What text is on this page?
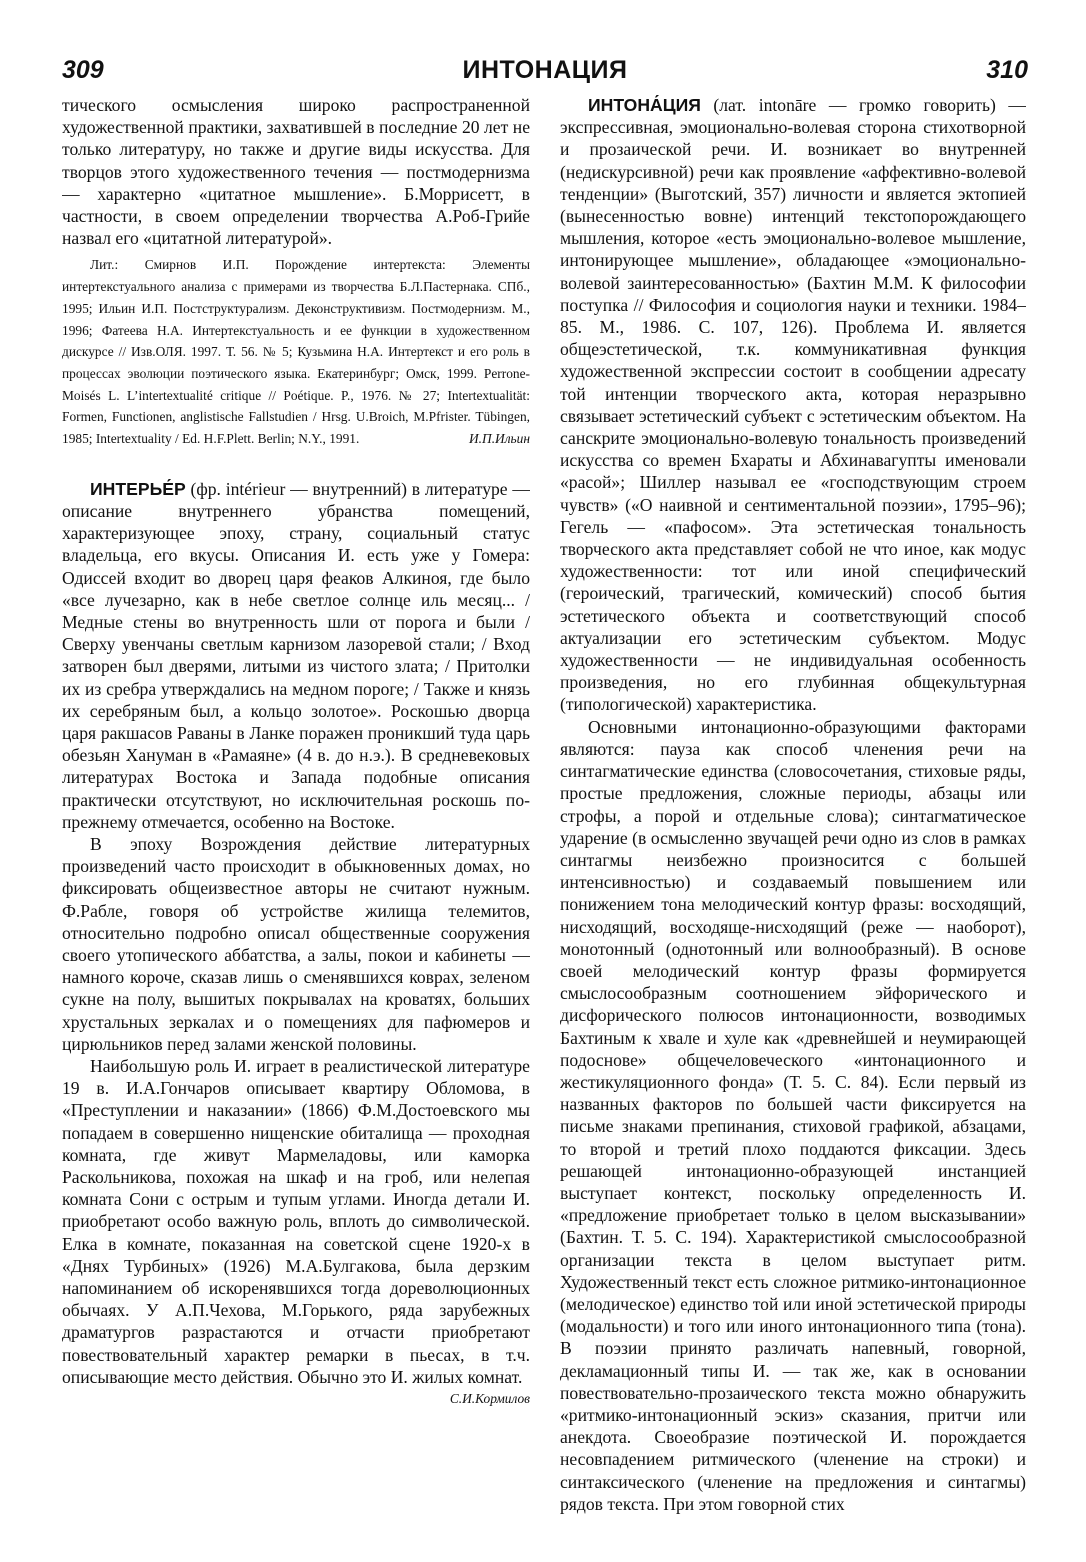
309	ИНТОНАЦИЯ	310

тического осмысления широко распространенной художественной практики, захватившей в последние 20 лет не только литературу, но также и другие виды искусства. Для творцов этого художественного течения — постмодернизма — характерно «цитатное мышление». Б.Моррисетт, в частности, в своем определении творчества А.Роб-Грийе назвал его «цитатной литературой».

Лит.: Смирнов И.П. Порождение интертекста: Элементы интертекстуального анализа с примерами из творчества Б.Л.Пастернака. СПб., 1995; Ильин И.П. Постструктурализм. Деконструктивизм. Постмодернизм. М., 1996; Фатеева Н.А. Интертекстуальность и ее функции в художественном дискурсе // Изв.ОЛЯ. 1997. Т. 56. № 5; Кузьмина Н.А. Интертекст и его роль в процессах эволюции поэтического языка. Екатеринбург; Омск, 1999. Perrone-Moisés L. L’intertextualité critique // Poétique. P., 1976. № 27; Intertextualität: Formen, Functionen, anglistische Fallstudien / Hrsg. U.Broich, M.Pfrister. Tübingen, 1985; Intertextuality / Ed. H.F.Plett. Berlin; N.Y., 1991.	И.П.Ильин

ИНТЕРЬЕ́Р (фр. intérieur — внутренний) в литературе — описание внутреннего убранства помещений, характеризующее эпоху, страну, социальный статус владельца, его вкусы. Описания И. есть уже у Гомера: Одиссей входит во дворец царя феаков Алкиноя, где было «все лучезарно, как в небе светлое солнце иль месяц... / Медные стены во внутренность шли от порога и были / Сверху увенчаны светлым карнизом лазоревой стали; / Вход затворен был дверями, литыми из чистого злата; / Притолки их из сребра утверждались на медном пороге; / Также и князь их серебряным был, а кольцо золотое». Роскошью дворца царя ракшасов Раваны в Ланке поражен проникший туда царь обезьян Хануман в «Рамаяне» (4 в. до н.э.). В средневековых литературах Востока и Запада подобные описания практически отсутствуют, но исключительная роскошь по-прежнему отмечается, особенно на Востоке.

В эпоху Возрождения действие литературных произведений часто происходит в обыкновенных домах, но фиксировать общеизвестное авторы не считают нужным. Ф.Рабле, говоря об устройстве жилища телемитов, относительно подробно описал общественные сооружения своего утопического аббатства, а залы, покои и кабинеты — намного короче, сказав лишь о сменявшихся коврах, зеленом сукне на полу, вышитых покрывалах на кроватях, больших хрустальных зеркалах и о помещениях для пафюмеров и цирюльников перед залами женской половины.

Наибольшую роль И. играет в реалистической литературе 19 в. И.А.Гончаров описывает квартиру Обломова, в «Преступлении и наказании» (1866) Ф.М.Достоевского мы попадаем в совершенно нищенские обиталища — проходная комната, где живут Мармеладовы, или каморка Раскольникова, похожая на шкаф и на гроб, или нелепая комната Сони с острым и тупым углами. Иногда детали И. приобретают особо важную роль, вплоть до символической. Елка в комнате, показанная на советской сцене 1920-х в «Днях Турбиных» (1926) М.А.Булгакова, была дерзким напоминанием об искоренявшихся тогда дореволюционных обычаях. У А.П.Чехова, М.Горького, ряда зарубежных драматургов разрастаются и отчасти приобретают повествовательный характер ремарки в пьесах, в т.ч. описывающие место действия. Обычно это И. жилых комнат.
С.И.Кормилов

ИНТОНА́ЦИЯ (лат. intonāre — громко говорить) — экспрессивная, эмоционально-волевая сторона стихотворной и прозаической речи. И. возникает во внутренней (недискурсивной) речи как проявление «аффективно-волевой тенденции» (Выготский, 357) личности и является эктопией (вынесенностью вовне) интенций текстопорождающего мышления, которое «есть эмоционально-волевое мышление, интонирующее мышление», обладающее «эмоционально-волевой заинтересованностью» (Бахтин М.М. К философии поступка // Философия и социология науки и техники. 1984–85. М., 1986. С. 107, 126). Проблема И. является общеэстетической, т.к. коммуникативная функция художественной экспрессии состоит в сообщении адресату той интенции творческого акта, которая неразрывно связывает эстетический субъект с эстетическим объектом. На санскрите эмоционально-волевую тональность произведений искусства со времен Бхараты и Абхинавагупты именовали «расой»; Шиллер называл ее «господствующим строем чувств» («О наивной и сентиментальной поэзии», 1795–96); Гегель — «пафосом». Эта эстетическая тональность творческого акта представляет собой не что иное, как модус художественности: тот или иной специфический (героический, трагический, комический) способ бытия эстетического объекта и соответствующий способ актуализации его эстетическим субъектом. Модус художественности — не индивидуальная особенность произведения, но его глубинная общекультурная (типологической) характеристика.

Основными интонационно-образующими факторами являются: пауза как способ членения речи на синтагматические единства (словосочетания, стиховые ряды, простые предложения, сложные периоды, абзацы или строфы, а порой и отдельные слова); синтагматическое ударение (в осмысленно звучащей речи одно из слов в рамках синтагмы неизбежно произносится с большей интенсивностью) и создаваемый повышением или понижением тона мелодический контур фразы: восходящий, нисходящий, восходяще-нисходящий (реже — наоборот), монотонный (однотонный или волнообразный). В основе своей мелодический контур фразы формируется смыслосообразным соотношением эйфорического и дисфорического полюсов интонационности, возводимых Бахтиным к хвале и хуле как «древнейшей и неумирающей подоснове» общечеловеческого «интонационного и жестикуляционного фонда» (Т. 5. С. 84). Если первый из названных факторов по большей части фиксируется на письме знаками препинания, стиховой графикой, абзацами, то второй и третий плохо поддаются фиксации. Здесь решающей интонационно-образующей инстанцией выступает контекст, поскольку определенность И. «предложение приобретает только в целом высказывании» (Бахтин. Т. 5. С. 194). Характеристикой смыслосообразной организации текста в целом выступает ритм. Художественный текст есть сложное ритмико-интонационное (мелодическое) единство той или иной эстетической природы (модальности) и того или иного интонационного типа (тона). В поэзии принято различать напевный, говорной, декламационный типы И. — так же, как в основании повествовательно-прозаического текста можно обнаружить «ритмико-интонационный эскиз» сказания, притчи или анекдота. Своеобразие поэтической И. порождается несовпадением ритмического (членение на строки) и синтаксического (членение на предложения и синтагмы) рядов текста. При этом говорной стих
